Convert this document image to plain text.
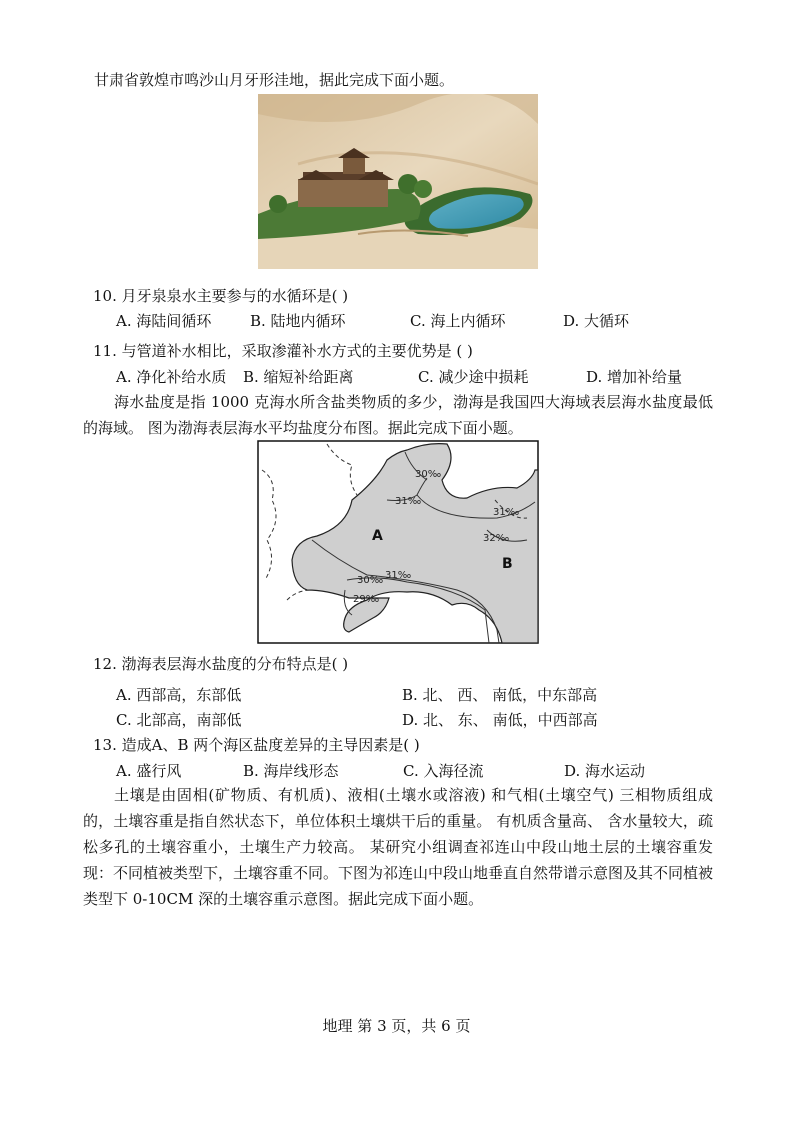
甘肃省敦煌市鸣沙山月牙形洼地，据此完成下面小题。
10. 月牙泉泉水主要参与的水循环是( )
A. 海陆间循环	B. 陆地内循环	C. 海上内循环	D. 大循环
11. 与管道补水相比，采取渗灌补水方式的主要优势是 ( )
A. 净化补给水质 B. 缩短补给距离	C. 减少途中损耗	D. 增加补给量
海水盐度是指 1000 克海水所含盐类物质的多少，渤海是我国四大海域表层海水盐度最低的海域。 图为渤海表层海水平均盐度分布图。据此完成下面小题。
30‰
31‰
31‰
32‰
31‰
30‰
29‰
A
B
12. 渤海表层海水盐度的分布特点是( )
A. 西部高，东部低	B. 北、 西、 南低，中东部高
C. 北部高，南部低	D. 北、 东、 南低，中西部高
13. 造成A、B 两个海区盐度差异的主导因素是( )
A. 盛行风	B. 海岸线形态	C. 入海径流	D. 海水运动
土壤是由固相(矿物质、有机质)、液相(土壤水或溶液) 和气相(土壤空气) 三相物质组成的，土壤容重是指自然状态下，单位体积土壤烘干后的重量。 有机质含量高、 含水量较大，疏松多孔的土壤容重小，土壤生产力较高。 某研究小组调查祁连山中段山地土层的土壤容重发现：不同植被类型下，土壤容重不同。下图为祁连山中段山地垂直自然带谱示意图及其不同植被类型下 0-10CM 深的土壤容重示意图。据此完成下面小题。
地理 第 3 页，共 6 页
